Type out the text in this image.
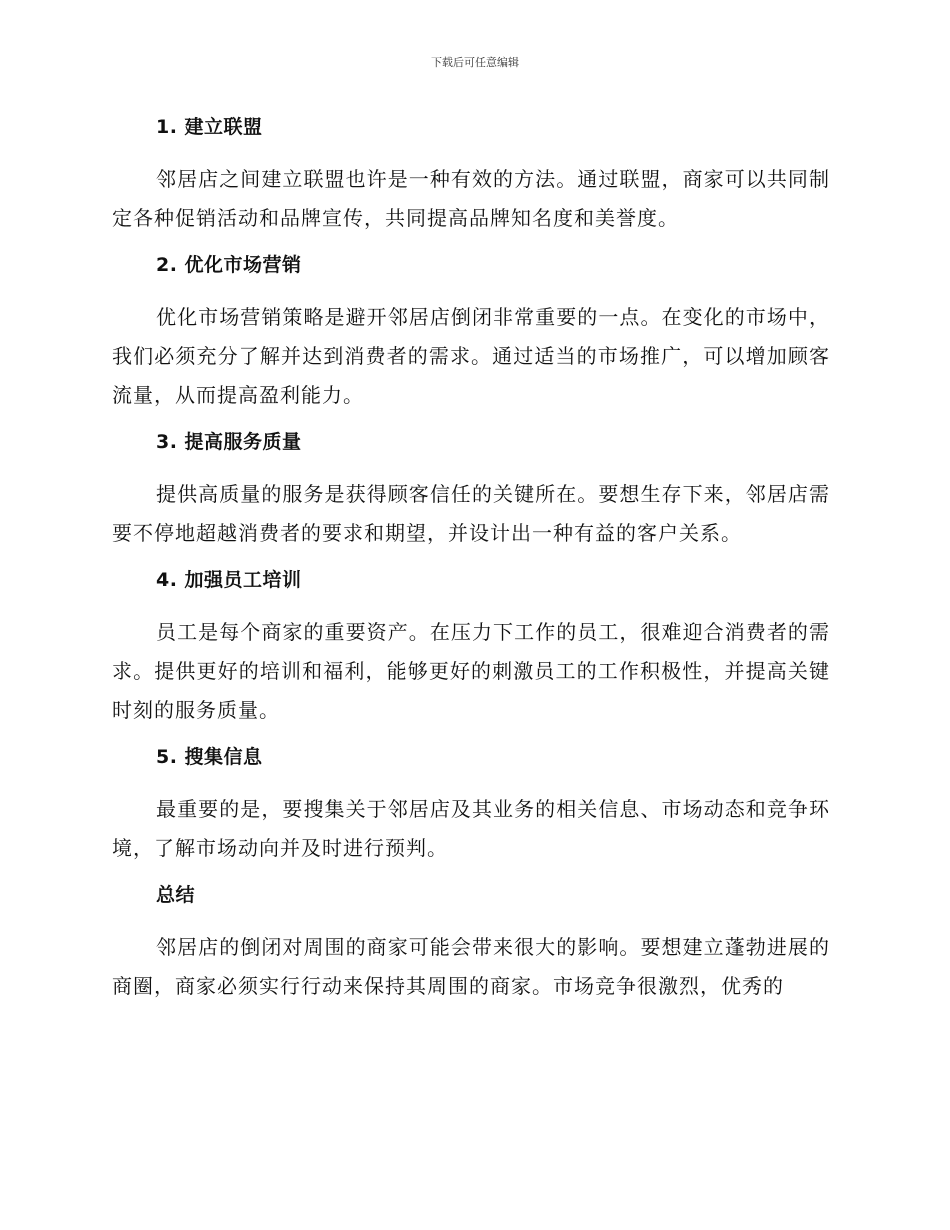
下载后可任意编辑
1. 建立联盟

邻居店之间建立联盟也许是一种有效的方法。通过联盟，商家可以共同制定各种促销活动和品牌宣传，共同提高品牌知名度和美誉度。

2. 优化市场营销

优化市场营销策略是避开邻居店倒闭非常重要的一点。在变化的市场中，我们必须充分了解并达到消费者的需求。通过适当的市场推广，可以增加顾客流量，从而提高盈利能力。

3. 提高服务质量

提供高质量的服务是获得顾客信任的关键所在。要想生存下来，邻居店需要不停地超越消费者的要求和期望，并设计出一种有益的客户关系。

4. 加强员工培训

员工是每个商家的重要资产。在压力下工作的员工，很难迎合消费者的需求。提供更好的培训和福利，能够更好的刺激员工的工作积极性，并提高关键时刻的服务质量。

5. 搜集信息

最重要的是，要搜集关于邻居店及其业务的相关信息、市场动态和竞争环境，了解市场动向并及时进行预判。

总结

邻居店的倒闭对周围的商家可能会带来很大的影响。要想建立蓬勃进展的商圈，商家必须实行行动来保持其周围的商家。市场竞争很激烈，优秀的
